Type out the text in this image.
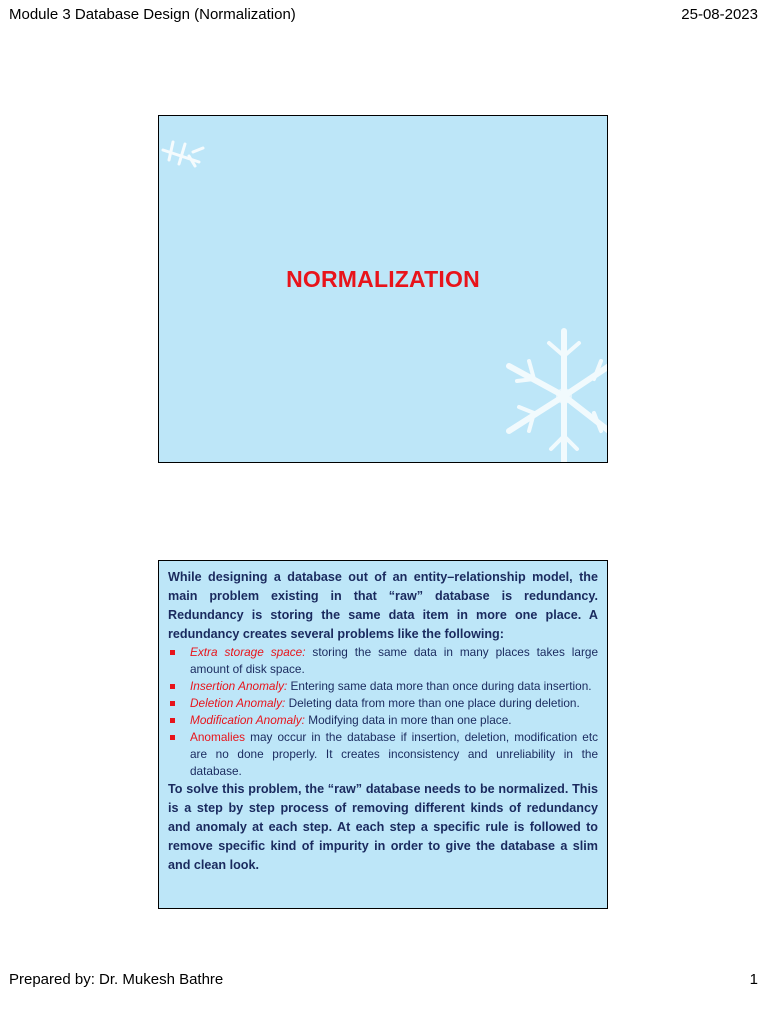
Module 3 Database Design (Normalization)	25-08-2023
NORMALIZATION

While designing a database out of an entity–relationship model, the main problem existing in that “raw” database is redundancy. Redundancy is storing the same data item in more one place. A redundancy creates several problems like the following:

Extra storage space: storing the same data in many places takes large amount of disk space.
Insertion Anomaly: Entering same data more than once during data insertion.
Deletion Anomaly: Deleting data from more than one place during deletion.
Modification Anomaly: Modifying data in more than one place.
Anomalies may occur in the database if insertion, deletion, modification etc are no done properly. It creates inconsistency and unreliability in the database.

To solve this problem, the “raw” database needs to be normalized. This is a step by step process of removing different kinds of redundancy and anomaly at each step. At each step a specific rule is followed to remove specific kind of impurity in order to give the database a slim and clean look.

Prepared by: Dr. Mukesh Bathre	1
